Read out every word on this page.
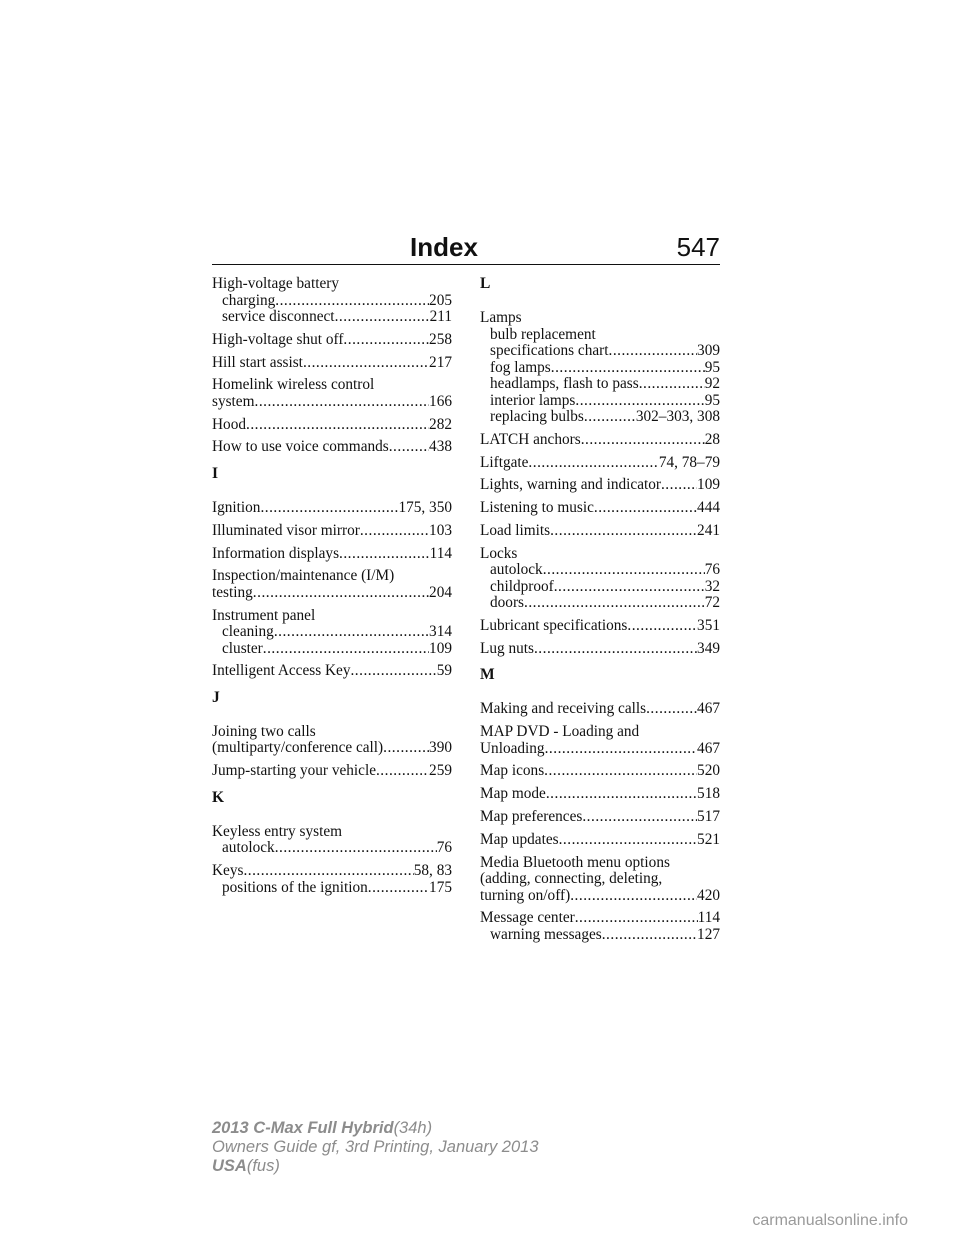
Index	547
High-voltage battery
charging .....	205
service disconnect .....	211
High-voltage shut off .....	258
Hill start assist .....	217
Homelink wireless control
system .....	166
Hood .....	282
How to use voice commands .....	438
I
Ignition .....	175, 350
Illuminated visor mirror .....	103
Information displays .....	114
Inspection/maintenance (I/M)
testing .....	204
Instrument panel
cleaning .....	314
cluster .....	109
Intelligent Access Key .....	59
J
Joining two calls
(multiparty/conference call) .....	390
Jump-starting your vehicle .....	259
K
Keyless entry system
autolock .....	76
Keys .....	58, 83
positions of the ignition .....	175
L
Lamps
bulb replacement
specifications chart .....	309
fog lamps .....	95
headlamps, flash to pass .....	92
interior lamps .....	95
replacing bulbs .....	302–303, 308
LATCH anchors .....	28
Liftgate .....	74, 78–79
Lights, warning and indicator ..... 109
Listening to music .....	444
Load limits .....	241
Locks
autolock .....	76
childproof .....	32
doors .....	72
Lubricant specifications .....	351
Lug nuts .....	349
M
Making and receiving calls .....	467
MAP DVD - Loading and
Unloading .....	467
Map icons .....	520
Map mode .....	518
Map preferences .....	517
Map updates .....	521
Media Bluetooth menu options
(adding, connecting, deleting,
turning on/off) .....	420
Message center .....	114
warning messages .....	127
2013 C-Max Full Hybrid(34h)
Owners Guide gf, 3rd Printing, January 2013
USA(fus)
carmanualsonline.info
